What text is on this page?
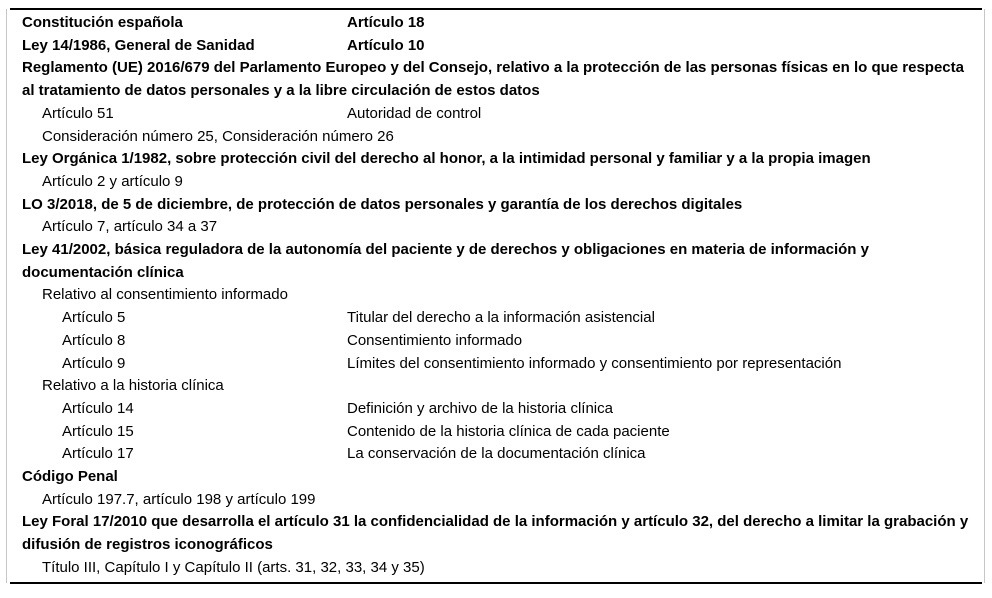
Constitución española	Artículo 18
Ley 14/1986, General de Sanidad	Artículo 10
Reglamento (UE) 2016/679 del Parlamento Europeo y del Consejo, relativo a la protección de las personas físicas en lo que respecta al tratamiento de datos personales y a la libre circulación de estos datos
Artículo 51	Autoridad de control
Consideración número 25, Consideración número 26
Ley Orgánica 1/1982, sobre protección civil del derecho al honor, a la intimidad personal y familiar y a la propia imagen
Artículo 2 y artículo 9
LO 3/2018, de 5 de diciembre, de protección de datos personales y garantía de los derechos digitales
Artículo 7, artículo 34 a 37
Ley 41/2002, básica reguladora de la autonomía del paciente y de derechos y obligaciones en materia de información y documentación clínica
Relativo al consentimiento informado
Artículo 5	Titular del derecho a la información asistencial
Artículo 8	Consentimiento informado
Artículo 9	Límites del consentimiento informado y consentimiento por representación
Relativo a la historia clínica
Artículo 14	Definición y archivo de la historia clínica
Artículo 15	Contenido de la historia clínica de cada paciente
Artículo 17	La conservación de la documentación clínica
Código Penal
Artículo 197.7, artículo 198 y artículo 199
Ley Foral 17/2010 que desarrolla el artículo 31 la confidencialidad de la información y artículo 32, del derecho a limitar la grabación y difusión de registros iconográficos
Título III, Capítulo I y Capítulo II (arts. 31, 32, 33, 34 y 35)
